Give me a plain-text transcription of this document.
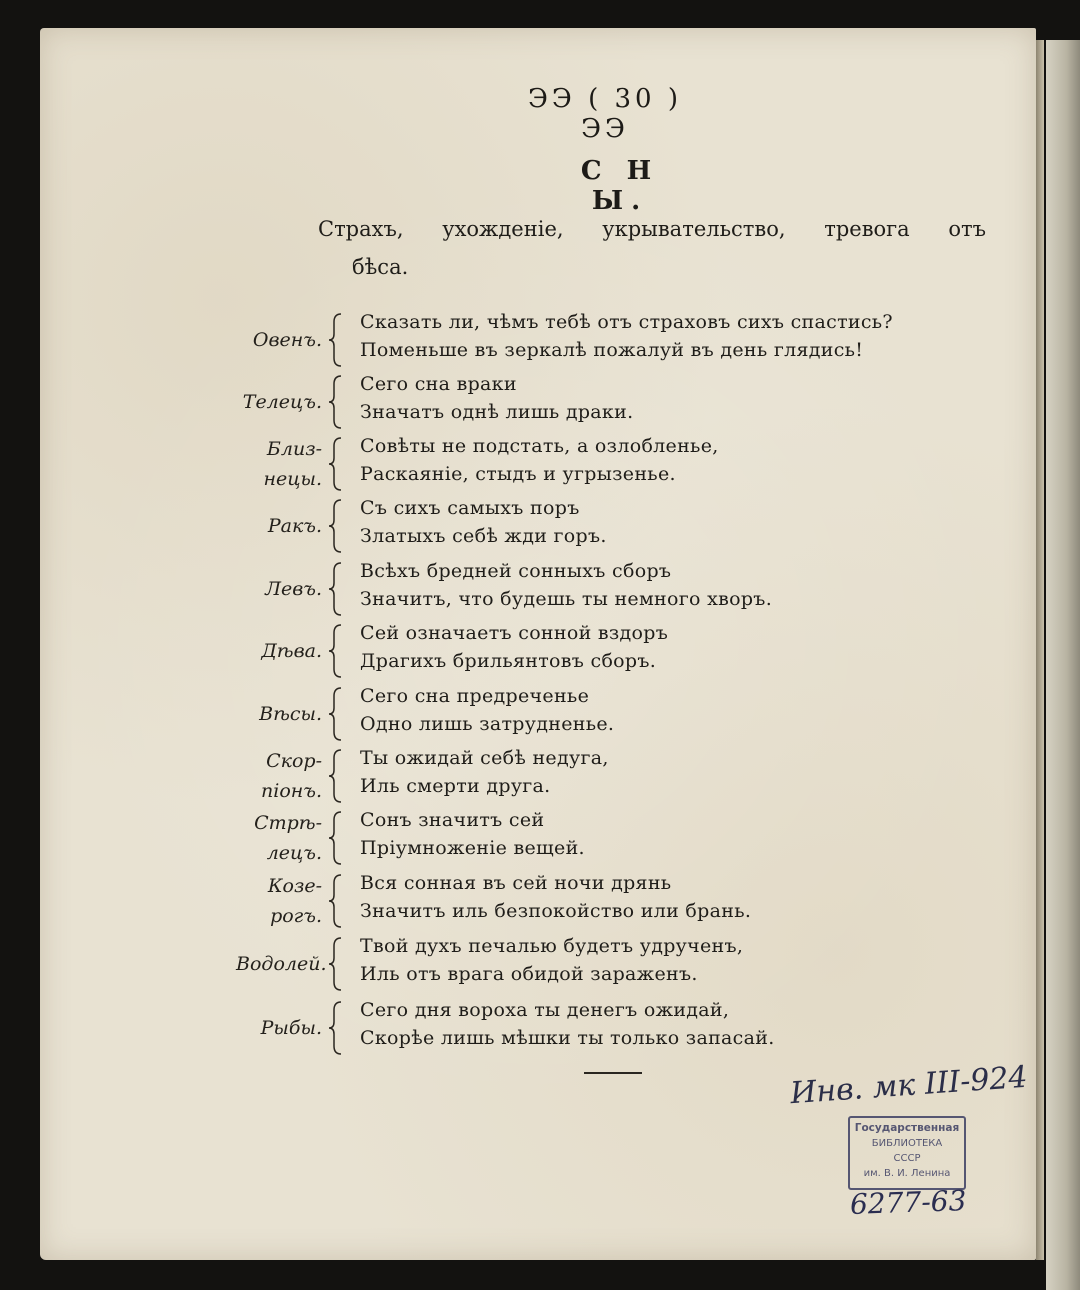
ЭЭ ( 30 ) ЭЭ
С Н Ы.
Страхъ, ухожденіе, укрывательство, тревога отъ
бѣса.
Овенъ.
Сказать ли, чѣмъ тебѣ отъ страховъ сихъ спастись?
Поменьше въ зеркалѣ пожалуй въ день глядись!
Телецъ.
Сего сна враки
Значатъ однѣ лишь драки.
Близ-
нецы.
Совѣты не подстать, а озлобленье,
Раскаяніе, стыдъ и угрызенье.
Ракъ.
Съ сихъ самыхъ поръ
Златыхъ себѣ жди горъ.
Левъ.
Всѣхъ бредней сонныхъ сборъ
Значитъ, что будешь ты немного хворъ.
Дѣва.
Сей означаетъ сонной вздоръ
Драгихъ брильянтовъ сборъ.
Вѣсы.
Сего сна предреченье
Одно лишь затрудненье.
Скор-
піонъ.
Ты ожидай себѣ недуга,
Иль смерти друга.
Стрѣ-
лецъ.
Сонъ значитъ сей
Пріумноженіе вещей.
Козе-
рогъ.
Вся сонная въ сей ночи дрянь
Значитъ иль безпокойство или брань.
Водолей.
Твой духъ печалью будетъ удрученъ,
Иль отъ врага обидой зараженъ.
Рыбы.
Сего дня вороха ты денегъ ожидай,
Скорѣе лишь мѣшки ты только запасай.
Инв. мк III-924
Государственная
БИБЛИОТЕКА
СССР
им. В. И. Ленина
6277-63
